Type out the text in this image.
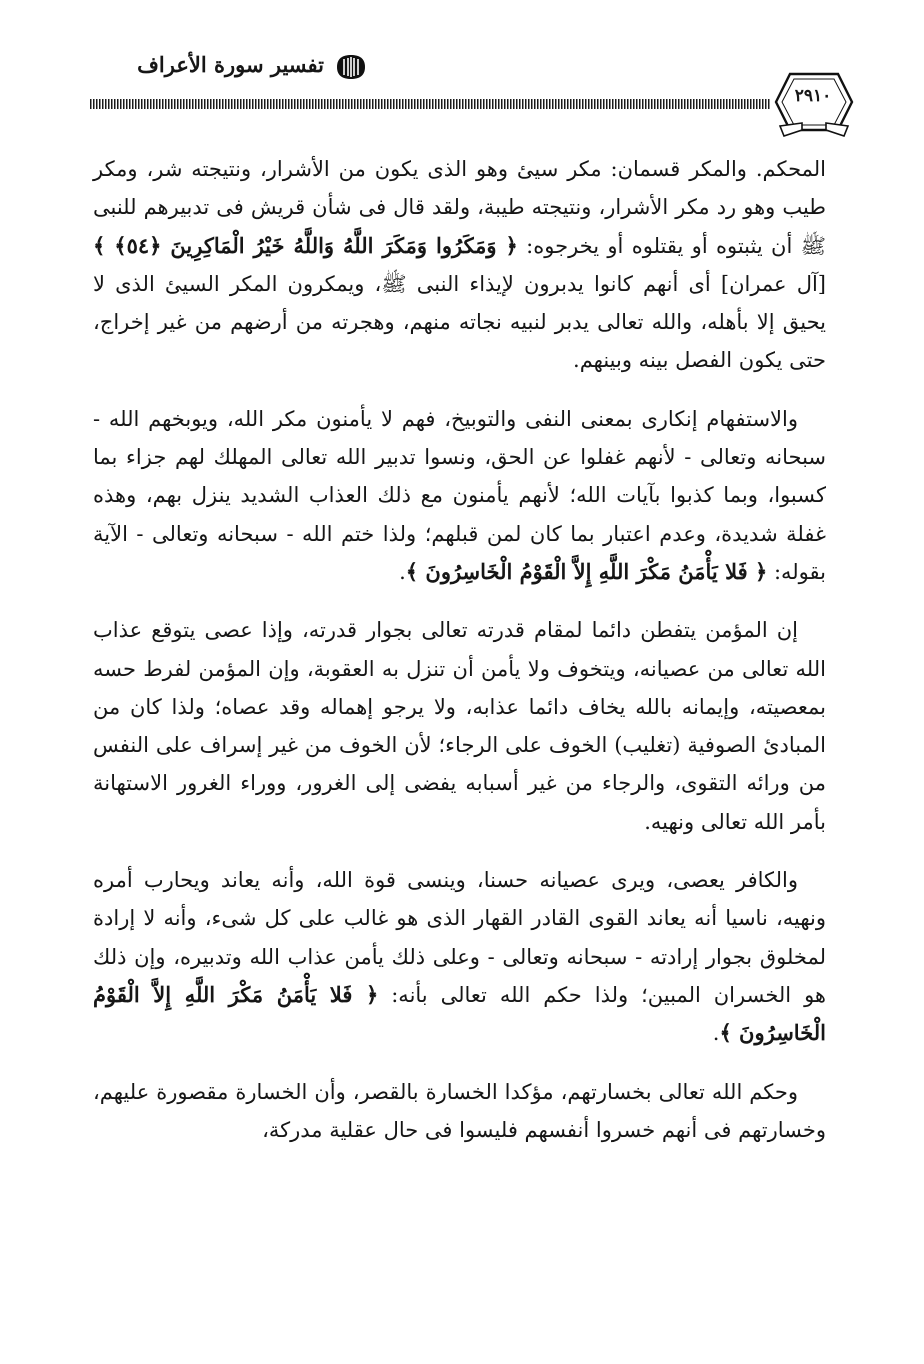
تفسير سورة الأعراف
٢٩١٠

المحكم. والمكر قسمان: مكر سيئ وهو الذى يكون من الأشرار، ونتيجته شر، ومكر طيب وهو رد مكر الأشرار، ونتيجته طيبة، ولقد قال فى شأن قريش فى تدبيرهم للنبى ﷺ أن يثبتوه أو يقتلوه أو يخرجوه: ﴿ وَمَكَرُوا وَمَكَرَ اللَّهُ وَاللَّهُ خَيْرُ الْمَاكِرِينَ ﴿٥٤﴾ ﴾ [آل عمران] أى أنهم كانوا يدبرون لإيذاء النبى ﷺ، ويمكرون المكر السيئ الذى لا يحيق إلا بأهله، والله تعالى يدبر لنبيه نجاته منهم، وهجرته من أرضهم من غير إخراج، حتى يكون الفصل بينه وبينهم.

والاستفهام إنكارى بمعنى النفى والتوبيخ، فهم لا يأمنون مكر الله، ويوبخهم الله - سبحانه وتعالى - لأنهم غفلوا عن الحق، ونسوا تدبير الله تعالى المهلك لهم جزاء بما كسبوا، وبما كذبوا بآيات الله؛ لأنهم يأمنون مع ذلك العذاب الشديد ينزل بهم، وهذه غفلة شديدة، وعدم اعتبار بما كان لمن قبلهم؛ ولذا ختم الله - سبحانه وتعالى - الآية بقوله: ﴿ فَلا يَأْمَنُ مَكْرَ اللَّهِ إِلاَّ الْقَوْمُ الْخَاسِرُونَ ﴾.

إن المؤمن يتفطن دائما لمقام قدرته تعالى بجوار قدرته، وإذا عصى يتوقع عذاب الله تعالى من عصيانه، ويتخوف ولا يأمن أن تنزل به العقوبة، وإن المؤمن لفرط حسه بمعصيته، وإيمانه بالله يخاف دائما عذابه، ولا يرجو إهماله وقد عصاه؛ ولذا كان من المبادئ الصوفية (تغليب) الخوف على الرجاء؛ لأن الخوف من غير إسراف على النفس من ورائه التقوى، والرجاء من غير أسبابه يفضى إلى الغرور، ووراء الغرور الاستهانة بأمر الله تعالى ونهيه.

والكافر يعصى، ويرى عصيانه حسنا، وينسى قوة الله، وأنه يعاند ويحارب أمره ونهيه، ناسيا أنه يعاند القوى القادر القهار الذى هو غالب على كل شىء، وأنه لا إرادة لمخلوق بجوار إرادته - سبحانه وتعالى - وعلى ذلك يأمن عذاب الله وتدبيره، وإن ذلك هو الخسران المبين؛ ولذا حكم الله تعالى بأنه: ﴿ فَلا يَأْمَنُ مَكْرَ اللَّهِ إِلاَّ الْقَوْمُ الْخَاسِرُونَ ﴾.

وحكم الله تعالى بخسارتهم، مؤكدا الخسارة بالقصر، وأن الخسارة مقصورة عليهم، وخسارتهم فى أنهم خسروا أنفسهم فليسوا فى حال عقلية مدركة،
